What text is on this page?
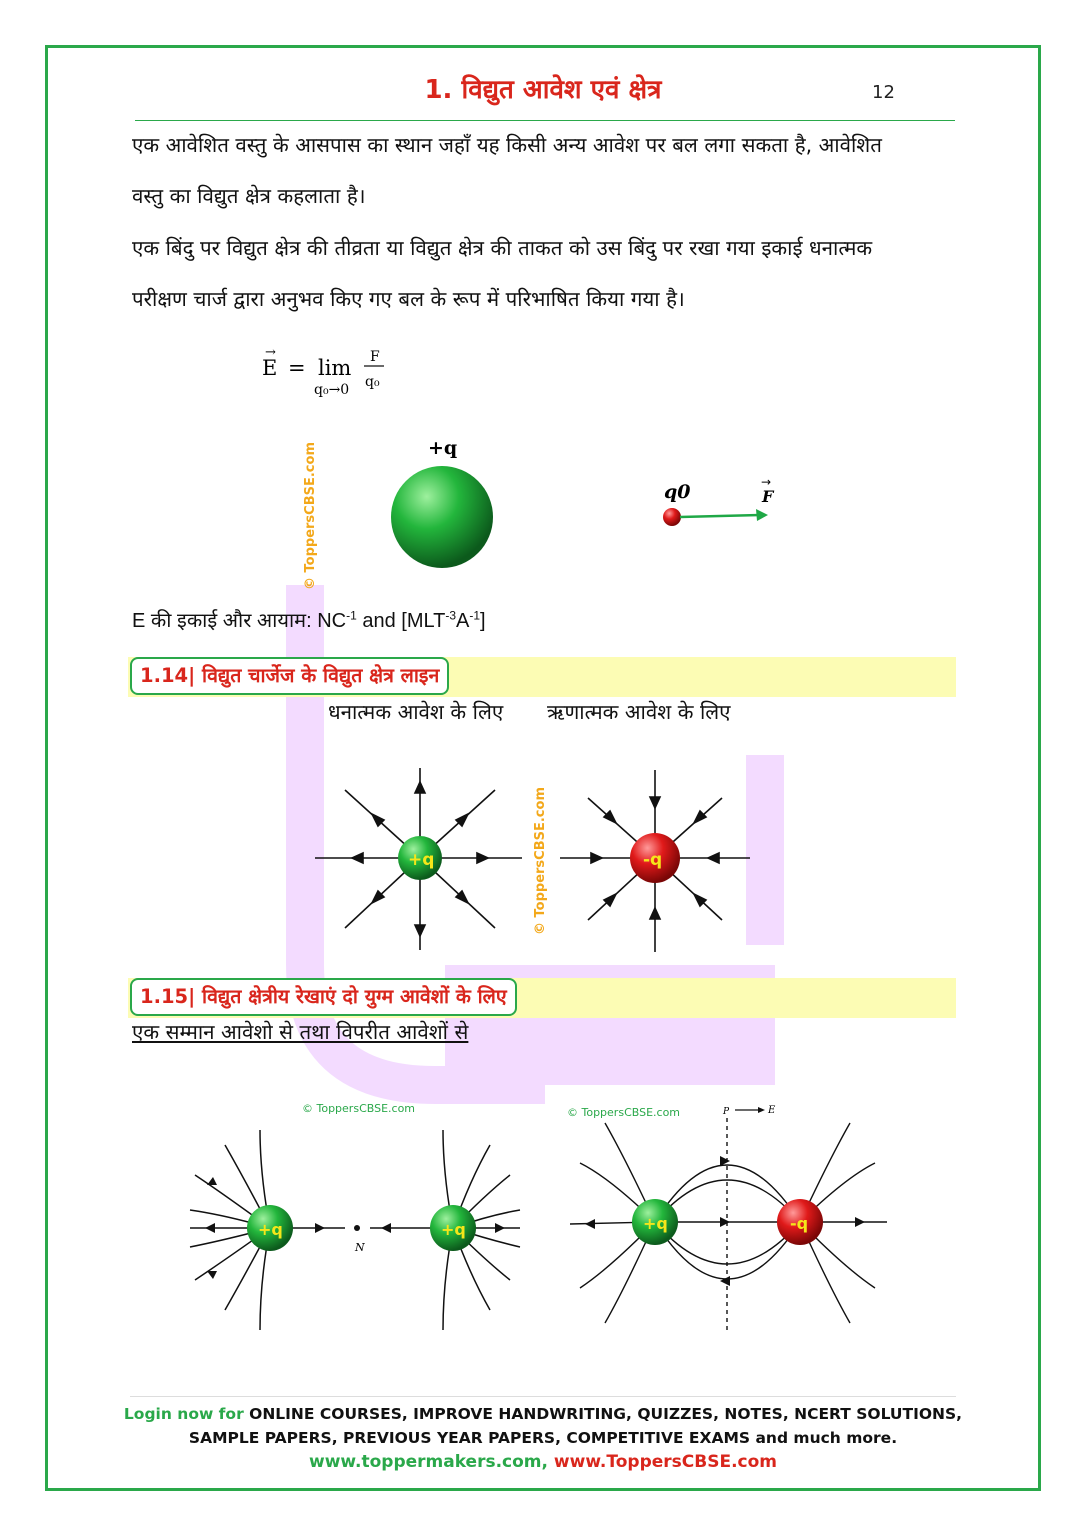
1. विद्युत आवेश एवं क्षेत्र	12
एक आवेशित वस्तु के आसपास का स्थान जहाँ यह किसी अन्य आवेश पर बल लगा सकता है, आवेशित
वस्तु का विद्युत क्षेत्र कहलाता है।
एक बिंदु पर विद्युत क्षेत्र की तीव्रता या विद्युत क्षेत्र की ताकत को उस बिंदु पर रखा गया इकाई धनात्मक
परीक्षण चार्ज द्वारा अनुभव किए गए बल के रूप में परिभाषित किया गया है।
E
→
= lim
q₀→0
F
q₀
+q
q0	F
→
© ToppersCBSE.com
E की इकाई और आयाम: $NC^{-1}$ and $[MLT^{-3}A^{-1}]$
1.14| विद्युत चार्जेज के विद्युत क्षेत्र लाइन
धनात्मक आवेश के लिए ऋणात्मक आवेश के लिए
+q	-q
© ToppersCBSE.com
1.15| विद्युत क्षेत्रीय रेखाएं दो युग्म आवेशों के लिए
एक सम्मान आवेशो से तथा विपरीत आवेशों से
© ToppersCBSE.com
N
+q	+q
© ToppersCBSE.com	P	E
+q	-q
Login now for ONLINE COURSES, IMPROVE HANDWRITING, QUIZZES, NOTES, NCERT SOLUTIONS,
SAMPLE PAPERS, PREVIOUS YEAR PAPERS, COMPETITIVE EXAMS and much more.
www.toppermakers.com, www.ToppersCBSE.com
